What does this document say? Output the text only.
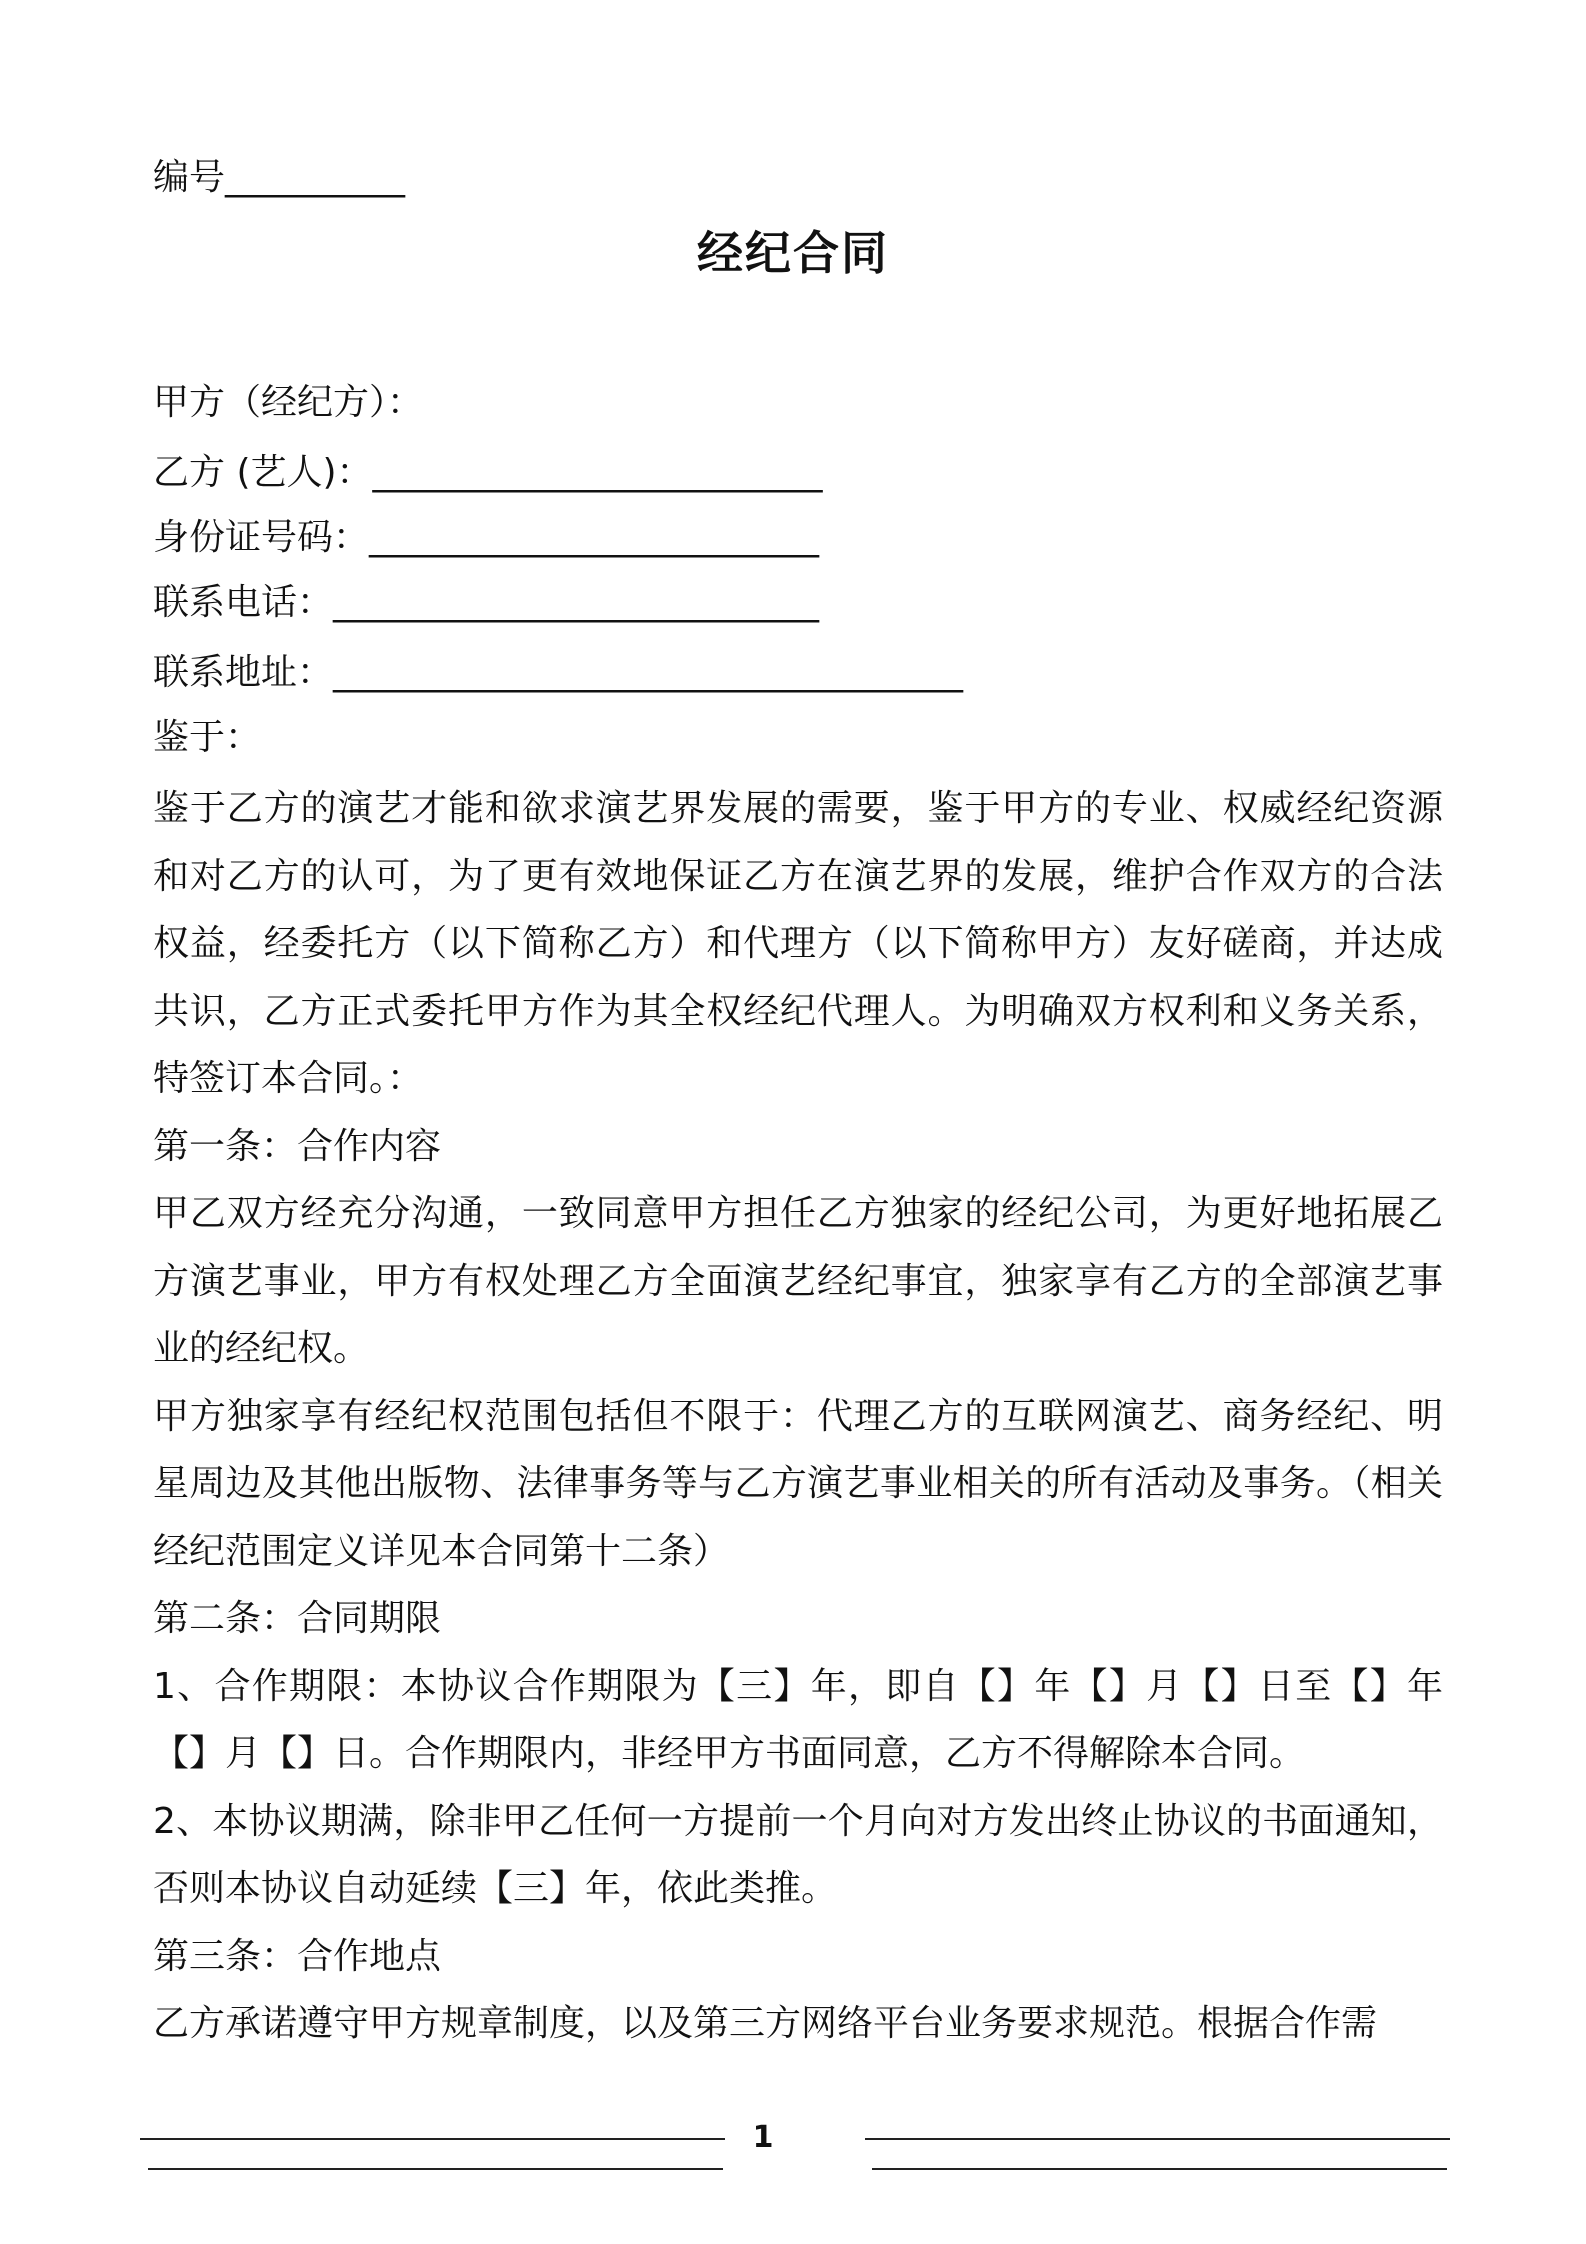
编号__________
经纪合同
甲方（经纪方）：
乙方 (艺人)：_________________________
身份证号码：_________________________
联系电话：___________________________
联系地址：___________________________________
鉴于：

鉴于乙方的演艺才能和欲求演艺界发展的需要，鉴于甲方的专业、权威经纪资源和对乙方的认可，为了更有效地保证乙方在演艺界的发展，维护合作双方的合法权益，经委托方（以下简称乙方）和代理方（以下简称甲方）友好磋商，并达成共识，乙方正式委托甲方作为其全权经纪代理人。为明确双方权利和义务关系，特签订本合同。：

第一条：合作内容

甲乙双方经充分沟通，一致同意甲方担任乙方独家的经纪公司，为更好地拓展乙方演艺事业，甲方有权处理乙方全面演艺经纪事宜，独家享有乙方的全部演艺事业的经纪权。

甲方独家享有经纪权范围包括但不限于：代理乙方的互联网演艺、商务经纪、明星周边及其他出版物、法律事务等与乙方演艺事业相关的所有活动及事务。（相关经纪范围定义详见本合同第十二条）

第二条：合同期限

1、合作期限：本协议合作期限为【三】年，即自【】年【】月【】日至【】年【】月【】日。合作期限内，非经甲方书面同意，乙方不得解除本合同。

2、本协议期满，除非甲乙任何一方提前一个月向对方发出终止协议的书面通知，否则本协议自动延续【三】年，依此类推。

第三条：合作地点

乙方承诺遵守甲方规章制度，以及第三方网络平台业务要求规范。根据合作需

1
